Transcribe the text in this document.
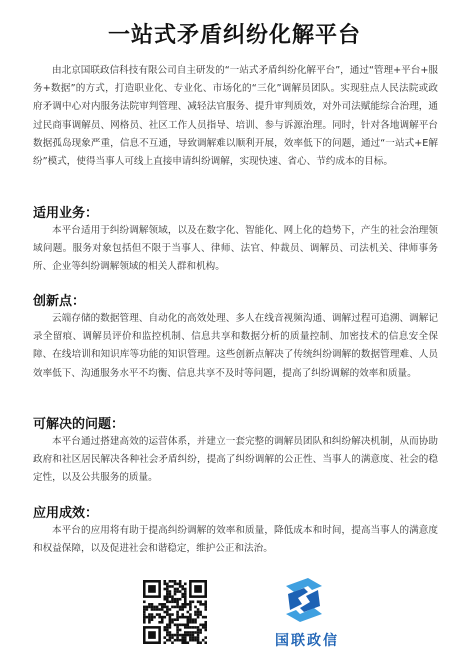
一站式矛盾纠纷化解平台

由北京国联政信科技有限公司自主研发的“一站式矛盾纠纷化解平台”，通过“管理+平台+服务+数据”的方式，打造职业化、专业化、市场化的“三化”调解员团队。实现驻点人民法院或政府矛调中心对内服务法院审判管理、减轻法官服务、提升审判质效，对外司法赋能综合治理，通过民商事调解员、网格员、社区工作人员指导、培训、参与诉源治理。同时，针对各地调解平台数据孤岛现象严重，信息不互通，导致调解难以顺利开展，效率低下的问题，通过“一站式+E解纷”模式，使得当事人可线上直接申请纠纷调解，实现快速、省心、节约成本的目标。

适用业务：

本平台适用于纠纷调解领域，以及在数字化、智能化、网上化的趋势下，产生的社会治理领域问题。服务对象包括但不限于当事人、律师、法官、仲裁员、调解员、司法机关、律师事务所、企业等纠纷调解领域的相关人群和机构。

创新点：

云端存储的数据管理、自动化的高效处理、多人在线音视频沟通、调解过程可追溯、调解记录全留痕、调解员评价和监控机制、信息共享和数据分析的质量控制、加密技术的信息安全保障、在线培训和知识库等功能的知识管理。这些创新点解决了传统纠纷调解的数据管理难、人员效率低下、沟通服务水平不均衡、信息共享不及时等问题，提高了纠纷调解的效率和质量。

可解决的问题：

本平台通过搭建高效的运营体系，并建立一套完整的调解员团队和纠纷解决机制，从而协助政府和社区居民解决各种社会矛盾纠纷，提高了纠纷调解的公正性、当事人的满意度、社会的稳定性，以及公共服务的质量。

应用成效：

本平台的应用将有助于提高纠纷调解的效率和质量，降低成本和时间，提高当事人的满意度和权益保障，以及促进社会和谐稳定，维护公正和法治。

国联政信
